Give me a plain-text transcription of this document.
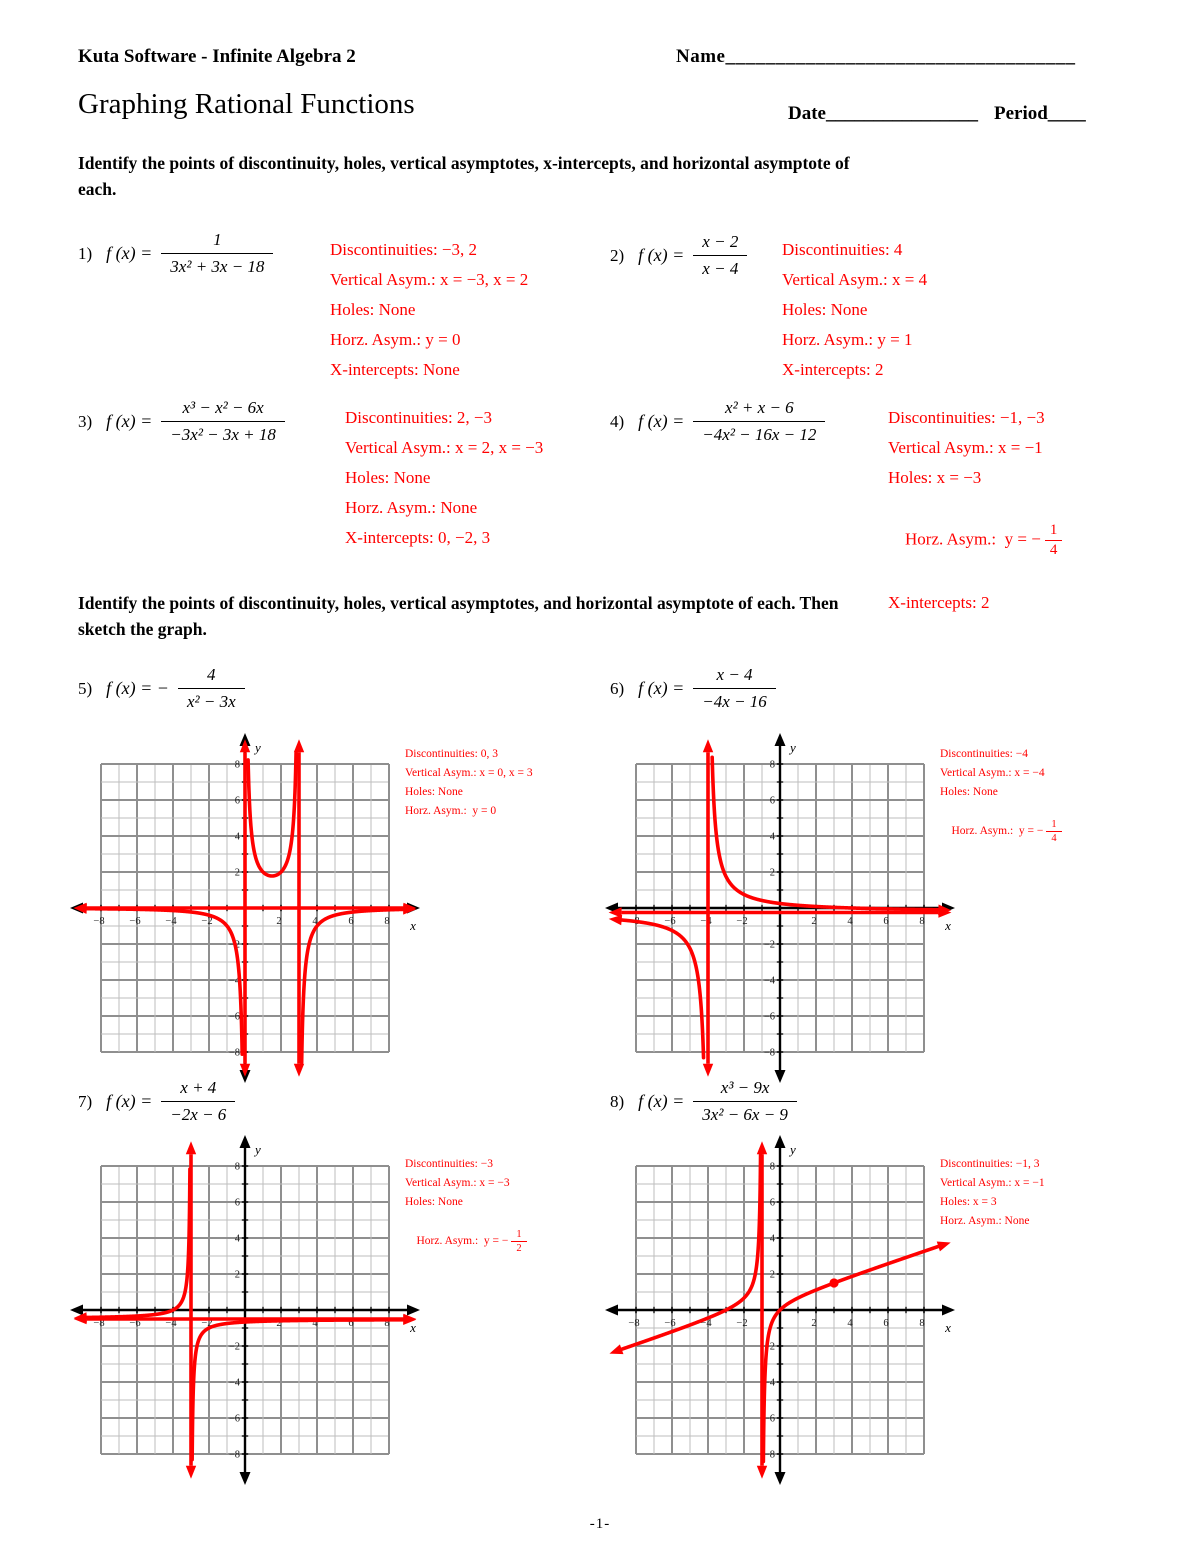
Kuta Software - Infinite Algebra 2	Name___________________________________
Graphing Rational Functions	Date________________ Period____
Identify the points of discontinuity, holes, vertical asymptotes, x-intercepts, and horizontal asymptote of
each.
1) f $(x) = \frac{1}{\text{3x² + 3x − 18}}$	Discontinuities: −3, 2
Vertical Asym.: x = −3, x = 2
Holes: None
Horz. Asym.: y = 0
X-intercepts: None
2) f $(x) = \frac{x - 2}{x - 4}$ Discontinuities: 4
Vertical Asym.: x = 4
Holes: None
Horz. Asym.: y = 1
X-intercepts: 2
3) f $(x) = \frac{\text{x³ − x² − 6x}}{\text{−3x² − 3x + 18}}$	Discontinuities: 2, −3
Vertical Asym.: x = 2, x = −3
Holes: None
Horz. Asym.: None
X-intercepts: 0, −2, 3
4) f $(x) = \frac{\text{x² + x − 6}}{\text{−4x² − 16x − 12}}$	Discontinuities: −1, −3
Vertical Asym.: x = −1
Holes: x = −3

Horz. Asym.:  y = − $\frac{1}{4}$

X-intercepts: 2
Identify the points of discontinuity, holes, vertical asymptotes, and horizontal asymptote of each. Then
sketch the graph.
5) f (x) = − $\frac{4}{\text{x² − 3x}}$	6) f $(x) = \frac{x - 4}{-4x - 16}$
−8 −6 −4 −2	2	4	6	8
8
6
4
2
−2
−4
−6
−8
x
y	Discontinuities: 0, 3
Vertical Asym.: x = 0, x = 3
Holes: None
Horz. Asym.:  y = 0
−8 −6 −4 −2	2	4	6	8
8
6
4
2
−2
−4
−6
−8
x
y	Discontinuities: −4
Vertical Asym.: x = −4
Holes: None

Horz. Asym.:  y = − $\frac{1}{4}$

7) f $(x) = \frac{x + 4}{-2x - 6}$	8) f $(x) = \frac{\text{x³ − 9x}}{\text{3x² − 6x − 9}}$
−8 −6 −4 −2	2	4	6	8
8
6
4
2
−2
−4
−6
−8
x
y
Discontinuities: −3
Vertical Asym.: x = −3
Holes: None

Horz. Asym.:  y = − $\frac{1}{2}$

−8 −6 −4 −2	2	4	6	8
8
6
4
2
−2
−4
−6
−8
x
y
Discontinuities: −1, 3
Vertical Asym.: x = −1
Holes: x = 3
Horz. Asym.: None
-1-
